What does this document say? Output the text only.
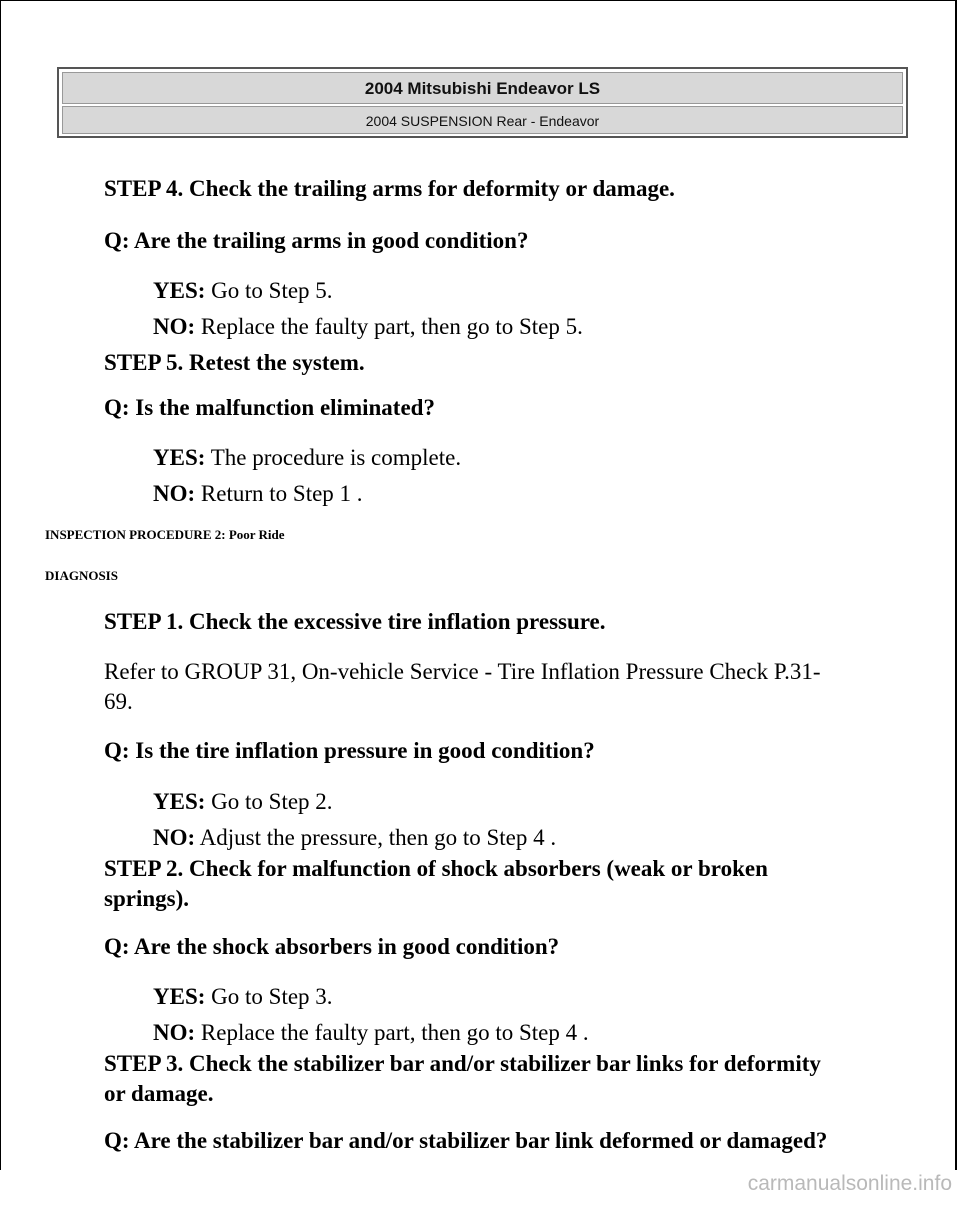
2004 Mitsubishi Endeavor LS
2004 SUSPENSION Rear - Endeavor

STEP 4. Check the trailing arms for deformity or damage.

Q: Are the trailing arms in good condition?

YES: Go to Step 5.

NO: Replace the faulty part, then go to Step 5.

STEP 5. Retest the system.

Q: Is the malfunction eliminated?

YES: The procedure is complete.

NO: Return to Step 1 .

INSPECTION PROCEDURE 2: Poor Ride

DIAGNOSIS

STEP 1. Check the excessive tire inflation pressure.

Refer to GROUP 31, On-vehicle Service - Tire Inflation Pressure Check P.31-

69.

Q: Is the tire inflation pressure in good condition?

YES: Go to Step 2.

NO: Adjust the pressure, then go to Step 4 .

STEP 2. Check for malfunction of shock absorbers (weak or broken

springs).

Q: Are the shock absorbers in good condition?

YES: Go to Step 3.

NO: Replace the faulty part, then go to Step 4 .

STEP 3. Check the stabilizer bar and/or stabilizer bar links for deformity

or damage.

Q: Are the stabilizer bar and/or stabilizer bar link deformed or damaged?

carmanualsonline.info
